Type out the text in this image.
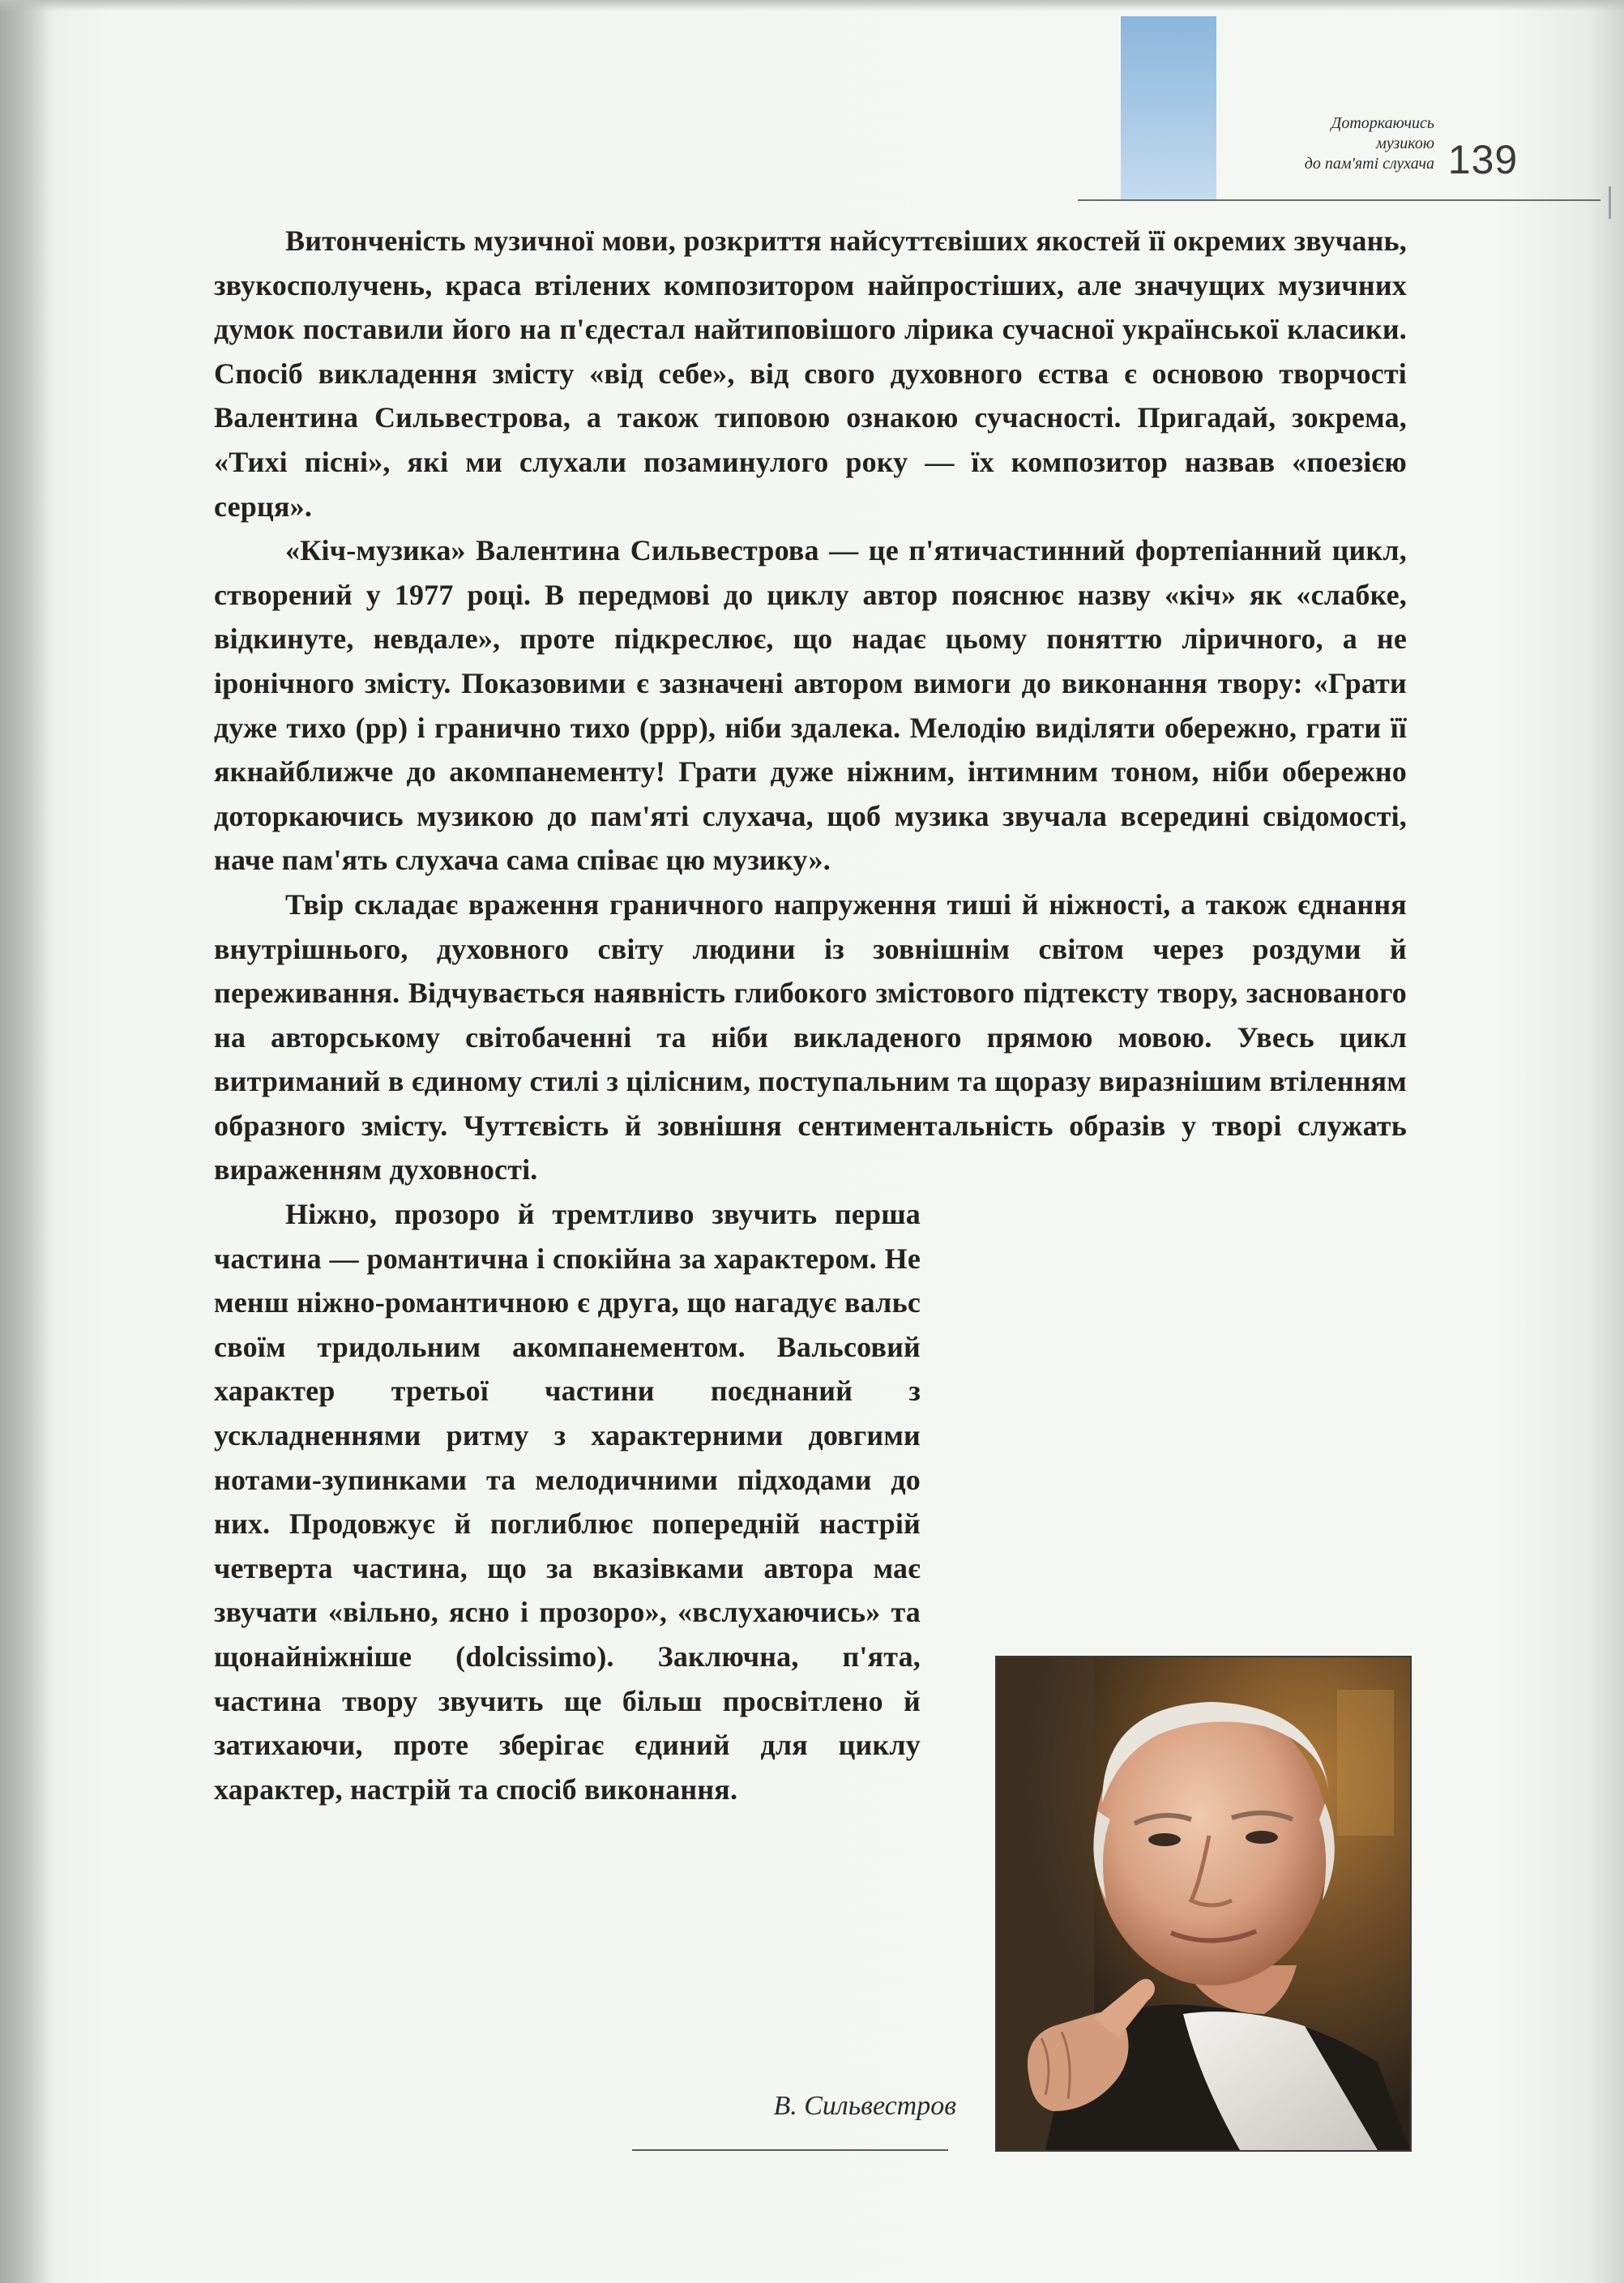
Доторкаючись
музикою
до пам'яті слухача 139

Витонченість музичної мови, розкриття найсуттєвіших якостей її окремих звучань, звукосполучень, краса втілених композитором найпростіших, але значущих музичних думок поставили його на п'єдестал найтиповішого лірика сучасної української класики. Спосіб викладення змісту «від себе», від свого духовного єства є основою творчості Валентина Сильвестрова, а також типовою ознакою сучасності. Пригадай, зокрема, «Тихі пісні», які ми слухали позаминулого року — їх композитор назвав «поезією серця».

«Кіч-музика» Валентина Сильвестрова — це п'ятичастинний фортепіанний цикл, створений у 1977 році. В передмові до циклу автор пояснює назву «кіч» як «слабке, відкинуте, невдале», проте підкреслює, що надає цьому поняттю ліричного, а не іронічного змісту. Показовими є зазначені автором вимоги до виконання твору: «Грати дуже тихо (pp) і гранично тихо (ppp), ніби здалека. Мелодію виділяти обережно, грати її якнайближче до акомпанементу! Грати дуже ніжним, інтимним тоном, ніби обережно доторкаючись музикою до пам'яті слухача, щоб музика звучала всередині свідомості, наче пам'ять слухача сама співає цю музику».

Твір складає враження граничного напруження тиші й ніжності, а також єднання внутрішнього, духовного світу людини із зовнішнім світом через роздуми й переживання. Відчувається наявність глибокого змістового підтексту твору, заснованого на авторському світобаченні та ніби викладеного прямою мовою. Увесь цикл витриманий в єдиному стилі з цілісним, поступальним та щоразу виразнішим втіленням образного змісту. Чуттєвість й зовнішня сентиментальність образів у творі служать вираженням духовності.

Ніжно, прозоро й тремтливо звучить перша частина — романтична і спокійна за характером. Не менш ніжно-романтичною є друга, що нагадує вальс своїм тридольним акомпанементом. Вальсовий характер третьої частини поєднаний з ускладненнями ритму з характерними довгими нотами-зупинками та мелодичними підходами до них. Продовжує й поглиблює попередній настрій четверта частина, що за вказівками автора має звучати «вільно, ясно і прозоро», «вслухаючись» та щонайніжніше (dolcissimo). Заключна, п'ята, частина твору звучить ще більш просвітлено й затихаючи, проте зберігає єдиний для циклу характер, настрій та спосіб виконання.

В. Сильвестров
